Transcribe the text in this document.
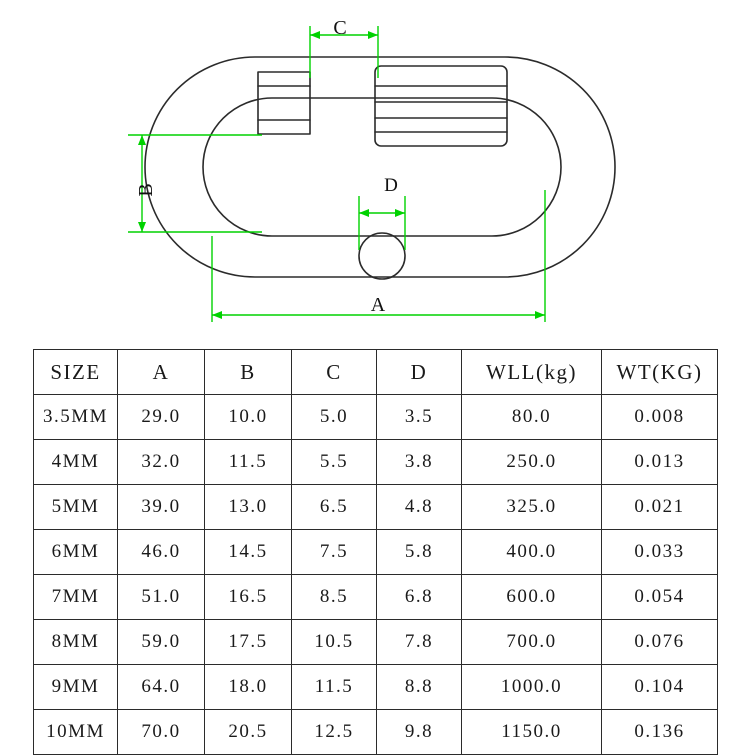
C
B	D
A
SIZE	A	B	C	D	WLL(kg)	WT(KG)
3.5MM	29.0	10.0	5.0	3.5	80.0	0.008
4MM	32.0	11.5	5.5	3.8	250.0	0.013
5MM	39.0	13.0	6.5	4.8	325.0	0.021
6MM	46.0	14.5	7.5	5.8	400.0	0.033
7MM	51.0	16.5	8.5	6.8	600.0	0.054
8MM	59.0	17.5	10.5	7.8	700.0	0.076
9MM	64.0	18.0	11.5	8.8	1000.0	0.104
10MM	70.0	20.5	12.5	9.8	1150.0	0.136
